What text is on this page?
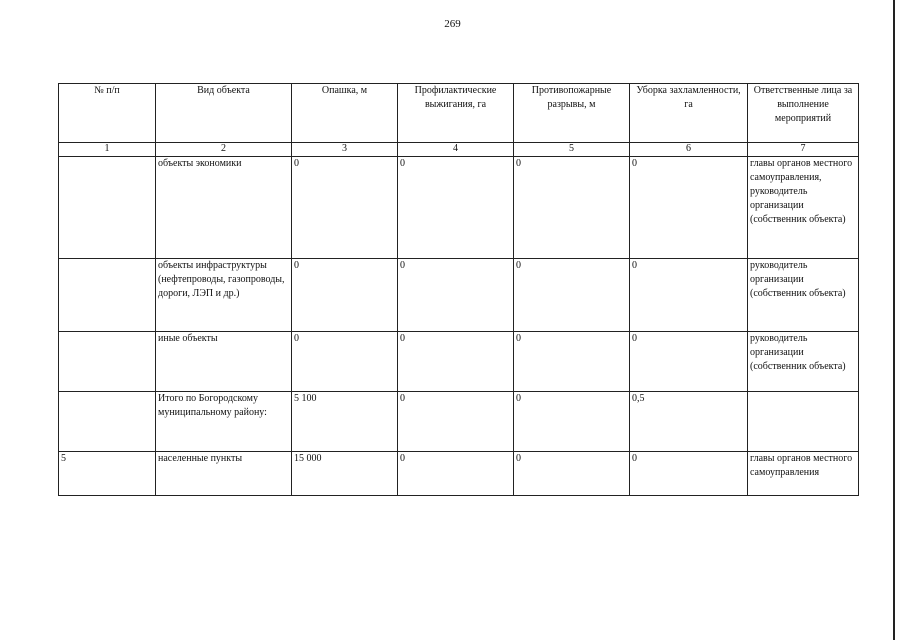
269
№ п/п	Вид объекта	Опашка, м	Профилактические выжигания, га	Противопожарные разрывы, м	Уборка захламленности, га	Ответственные лица за выполнение мероприятий
1	2	3	4	5	6	7
	объекты экономики	0	0	0	0	главы органов местного самоуправления, руководитель организации (собственник объекта)
	объекты инфраструктуры (нефтепроводы, газопроводы, дороги, ЛЭП и др.)	0	0	0	0	руководитель организации (собственник объекта)
	иные объекты	0	0	0	0	руководитель организации (собственник объекта)
	Итого по Богородскому муниципальному району:	5 100	0	0	0,5	
5	населенные пункты	15 000	0	0	0	главы органов местного самоуправления
